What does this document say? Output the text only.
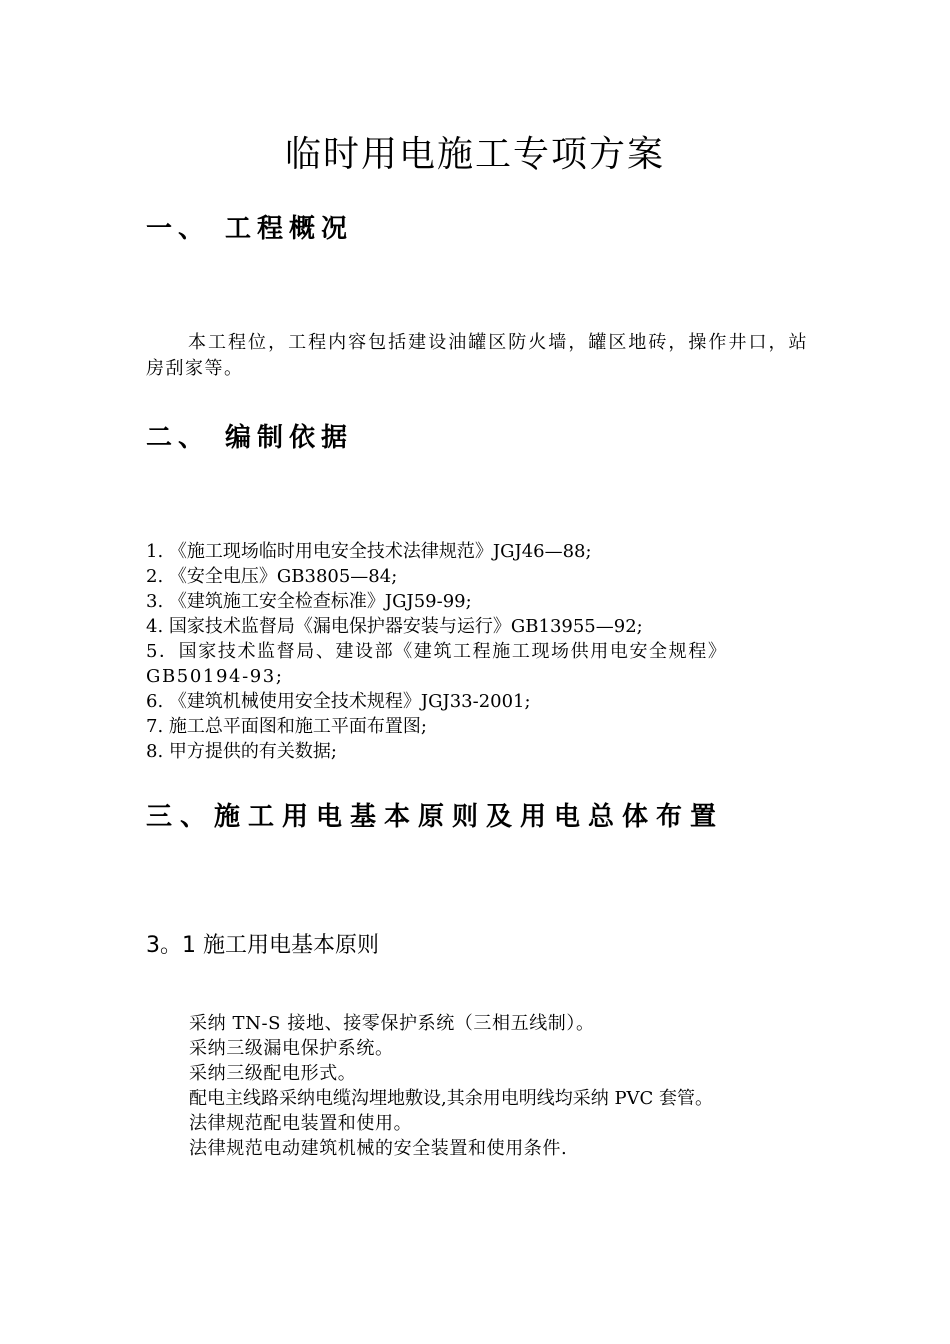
临时用电施工专项方案
一、 工程概况

本工程位，工程内容包括建设油罐区防火墙，罐区地砖，操作井口，站房刮家等。

二、 编制依据
1. 《施工现场临时用电安全技术法律规范》JGJ46—88;
2. 《安全电压》GB3805—84;
3. 《建筑施工安全检查标准》JGJ59-99;
4. 国家技术监督局《漏电保护器安装与运行》GB13955—92;
5．国家技术监督局、建设部《建筑工程施工现场供用电安全规程》GB50194-93;
6. 《建筑机械使用安全技术规程》JGJ33-2001;
7. 施工总平面图和施工平面布置图;
8. 甲方提供的有关数据;
三、施工用电基本原则及用电总体布置
3。1 施工用电基本原则
采纳 TN-S 接地、接零保护系统（三相五线制）。
采纳三级漏电保护系统。
采纳三级配电形式。
配电主线路采纳电缆沟埋地敷设,其余用电明线均采纳 PVC 套管。
法律规范配电装置和使用。
法律规范电动建筑机械的安全装置和使用条件.
